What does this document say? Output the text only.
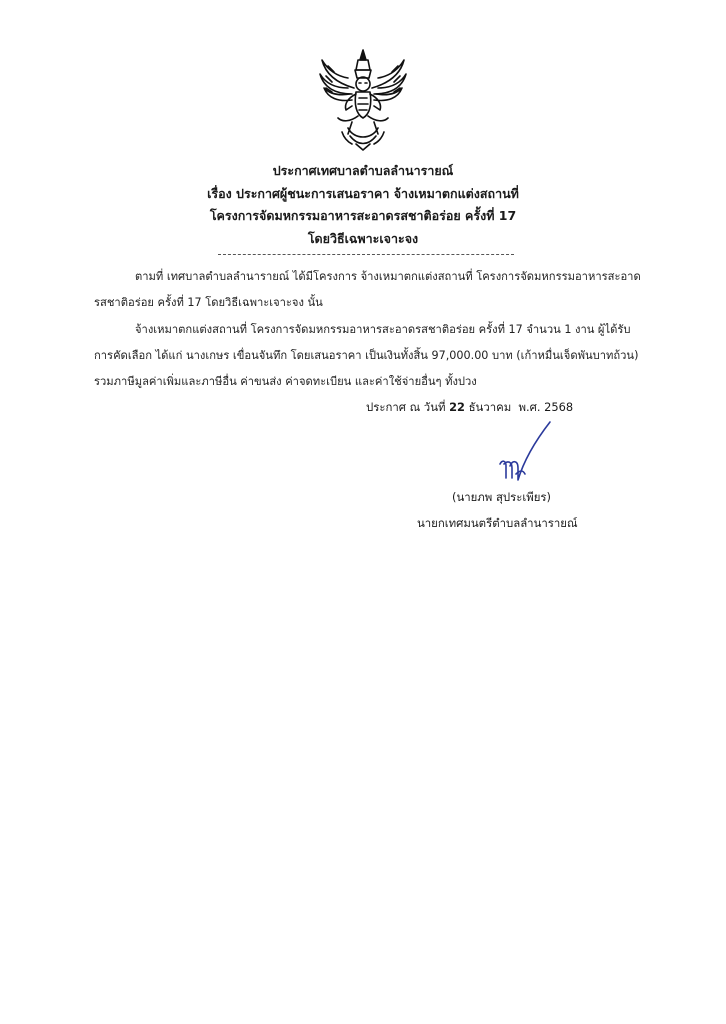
ประกาศเทศบาลตำบลลำนารายณ์
เรื่อง ประกาศผู้ชนะการเสนอราคา จ้างเหมาตกแต่งสถานที่
โครงการจัดมหกรรมอาหารสะอาดรสชาติอร่อย ครั้งที่ 17
โดยวิธีเฉพาะเจาะจง
ตามที่ เทศบาลตำบลลำนารายณ์ ได้มีโครงการ จ้างเหมาตกแต่งสถานที่ โครงการจัดมหกรรมอาหารสะอาด
รสชาติอร่อย ครั้งที่ 17 โดยวิธีเฉพาะเจาะจง นั้น
จ้างเหมาตกแต่งสถานที่ โครงการจัดมหกรรมอาหารสะอาดรสชาติอร่อย ครั้งที่ 17 จำนวน 1 งาน ผู้ได้รับ
การคัดเลือก ได้แก่ นางเกษร เขื่อนจันทึก โดยเสนอราคา เป็นเงินทั้งสิ้น 97,000.00 บาท (เก้าหมื่นเจ็ดพันบาทถ้วน)
รวมภาษีมูลค่าเพิ่มและภาษีอื่น ค่าขนส่ง ค่าจดทะเบียน และค่าใช้จ่ายอื่นๆ ทั้งปวง
ประกาศ ณ วันที่ 22 ธันวาคม พ.ศ. 2568
(นายภพ สุประเพียร)
นายกเทศมนตรีตำบลลำนารายณ์
